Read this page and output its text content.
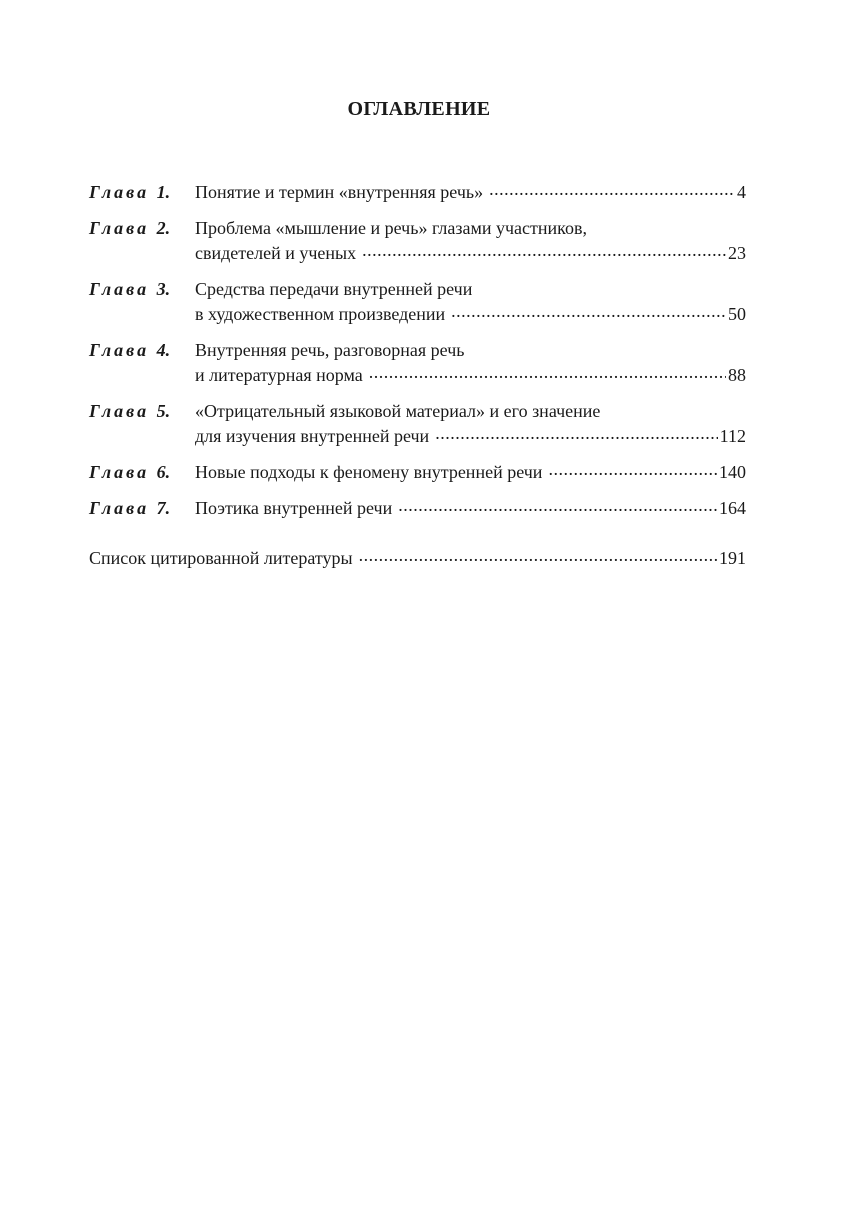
ОГЛАВЛЕНИЕ
Глава 1. Понятие и термин «внутренняя речь» .....	4
Глава 2. Проблема «мышление и речь» глазами участников,
свидетелей и ученых .....	23
Глава 3. Средства передачи внутренней речи
в художественном произведении .....	50
Глава 4. Внутренняя речь, разговорная речь
и литературная норма .....	88
Глава 5. «Отрицательный языковой материал» и его значение
для изучения внутренней речи .....	112
Глава 6. Новые подходы к феномену внутренней речи .....	140
Глава 7. Поэтика внутренней речи .....	164
Список цитированной литературы .....	191
